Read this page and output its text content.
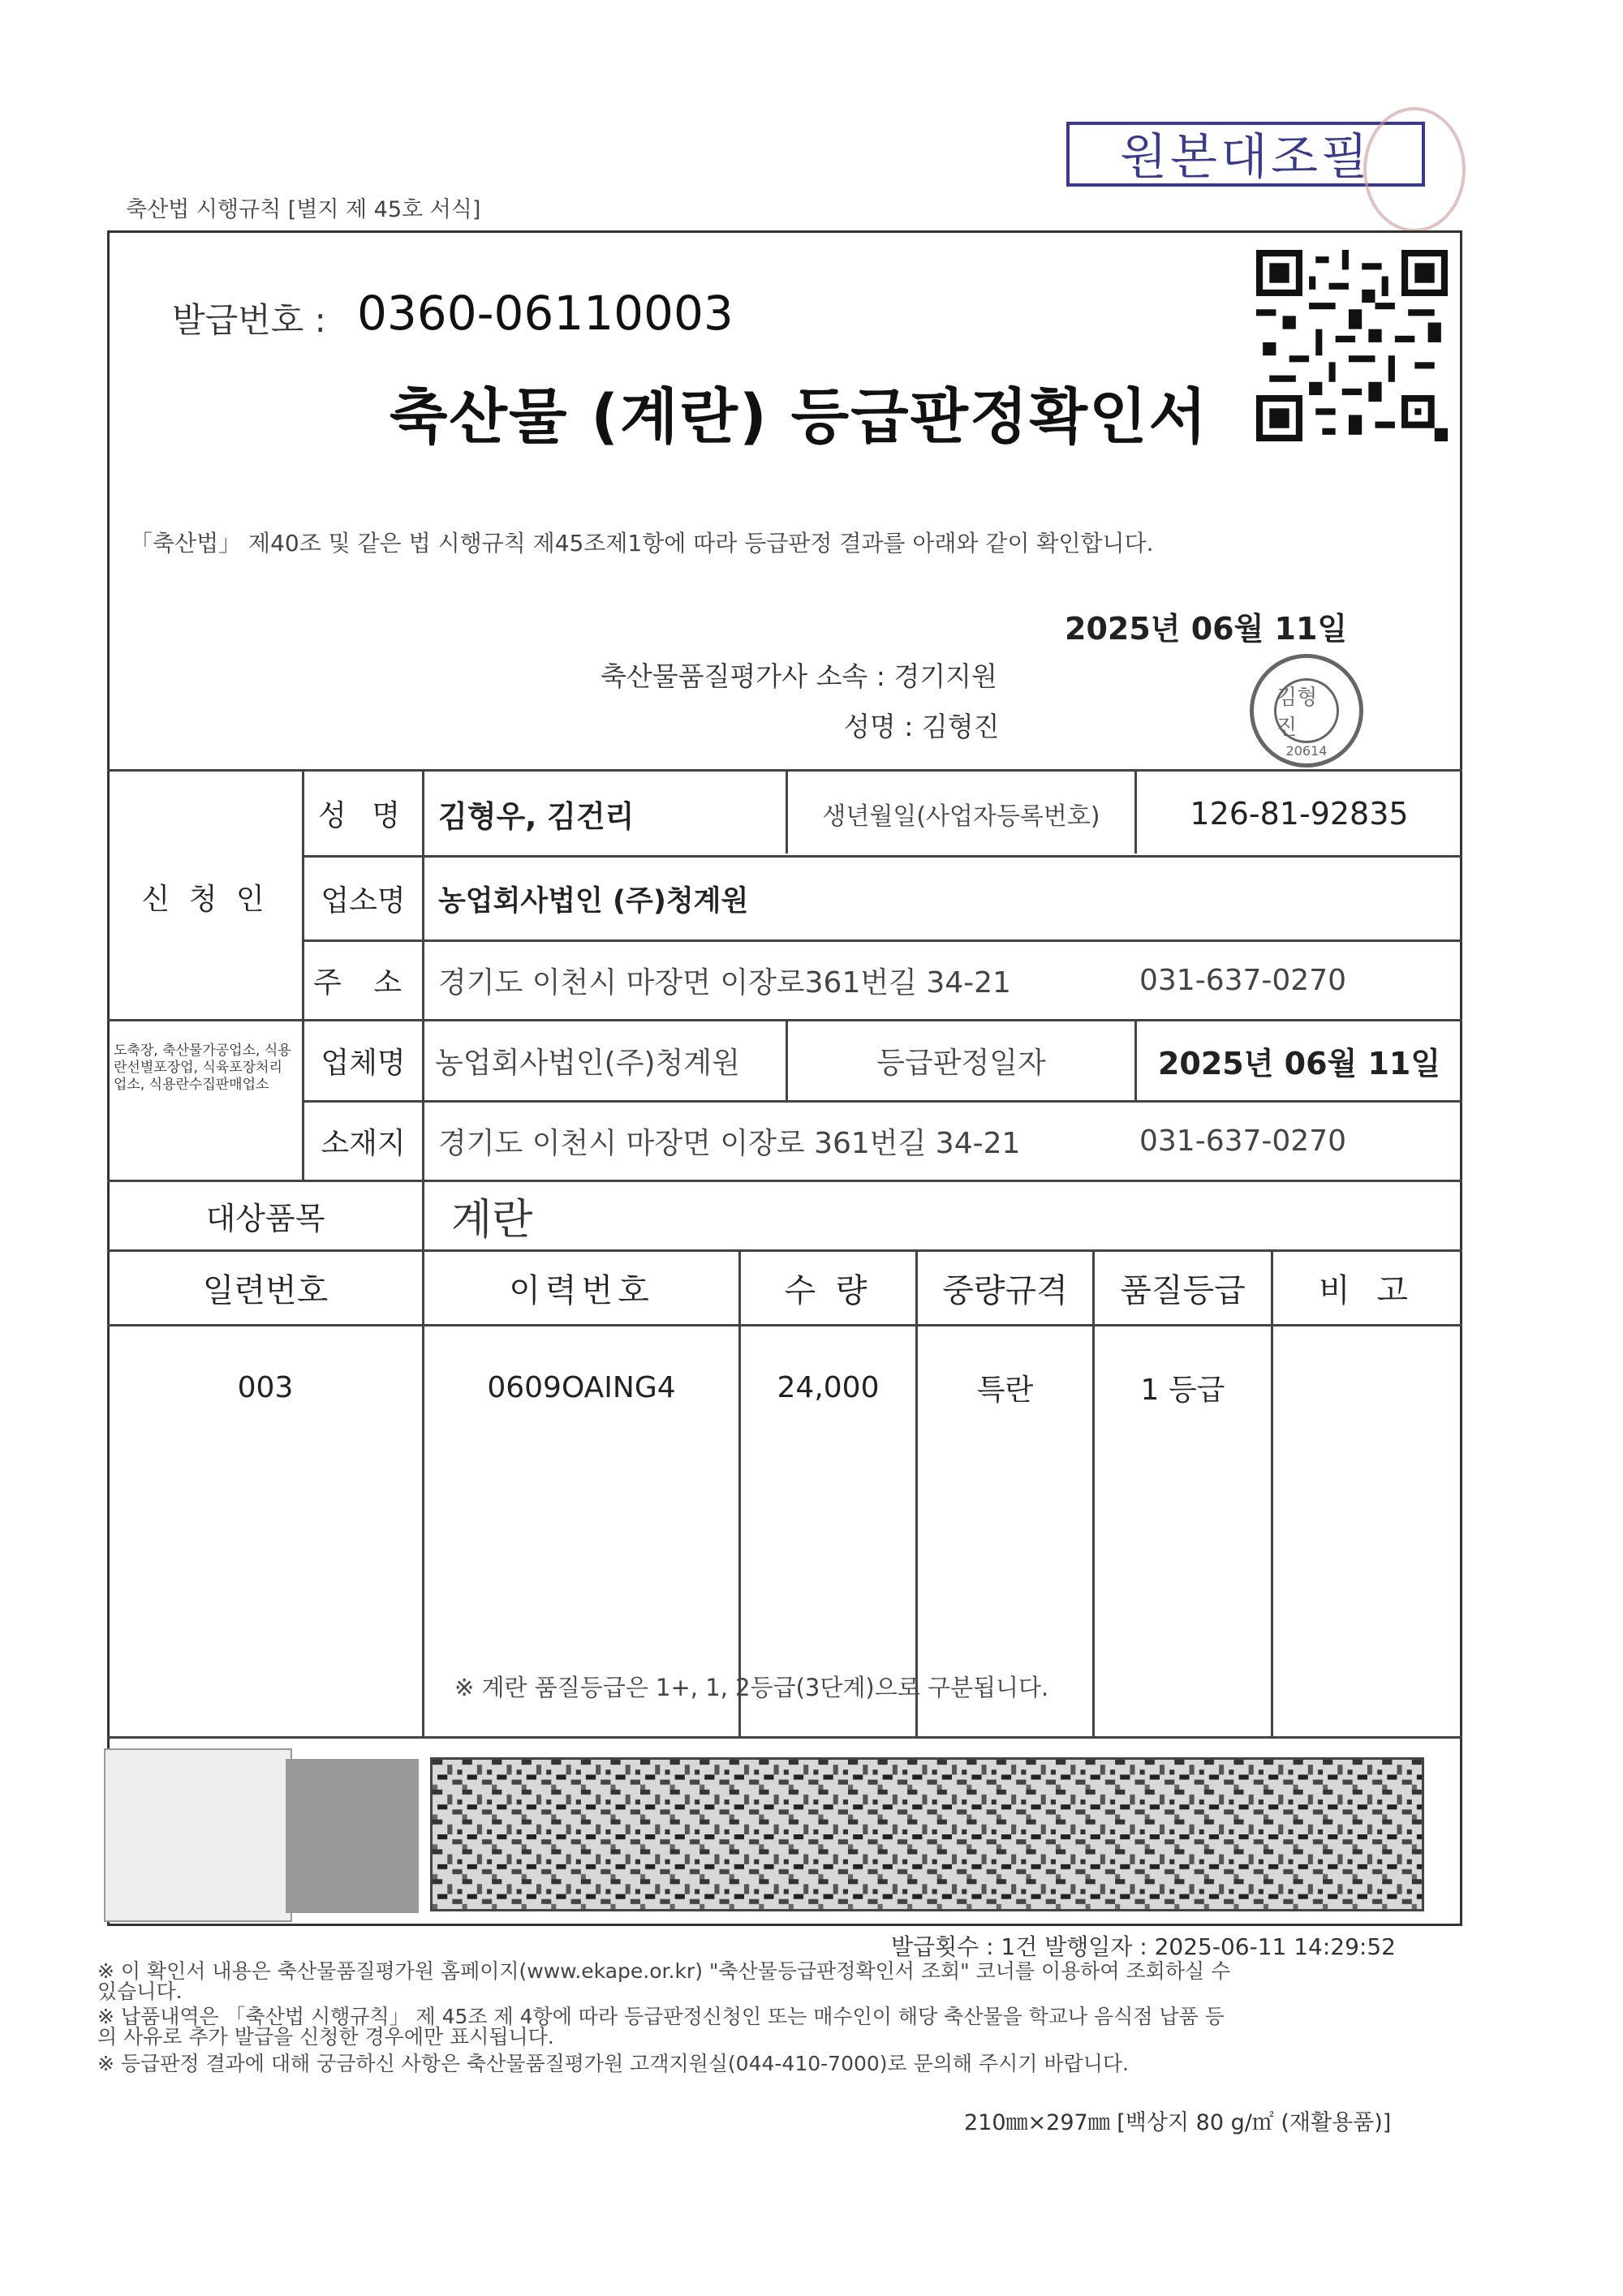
축산법 시행규칙 [별지 제 45호 서식]
원본대조필
발급번호 : 0360-06110003
축산물 (계란) 등급판정확인서
「축산법」 제40조 및 같은 법 시행규칙 제45조제1항에 따라 등급판정 결과를 아래와 같이 확인합니다.
2025년 06월 11일
축산물품질평가사 소속 : 경기지원
성명 : 김형진
김형진
20614
신 청 인
성 명	김형우, 김건리	생년월일(사업자등록번호)	126-81-92835
업소명	농업회사법인 (주)청계원
주 소 경기도 이천시 마장면 이장로361번길 34-21	031-637-0270
도축장, 축산물가공업소, 식용란선별포장업, 식육포장처리업소, 식용란수집판매업소
업체명	농업회사법인(주)청계원	등급판정일자	2025년 06월 11일
소재지	경기도 이천시 마장면 이장로 361번길 34-21	031-637-0270
대상품목	계란
일련번호	이력번호	수 량	중량규격	품질등급	비 고
003	0609OAING4	24,000	특란	1 등급
※ 계란 품질등급은 1+, 1, 2등급(3단계)으로 구분됩니다.
발급횟수 : 1건 발행일자 : 2025-06-11 14:29:52
※ 이 확인서 내용은 축산물품질평가원 홈페이지(www.ekape.or.kr) "축산물등급판정확인서 조회" 코너를 이용하여 조회하실 수
있습니다.
※ 납품내역은 「축산법 시행규칙」 제 45조 제 4항에 따라 등급판정신청인 또는 매수인이 해당 축산물을 학교나 음식점 납품 등
의 사유로 추가 발급을 신청한 경우에만 표시됩니다.
※ 등급판정 결과에 대해 궁금하신 사항은 축산물품질평가원 고객지원실(044-410-7000)로 문의해 주시기 바랍니다.
210㎜×297㎜ [백상지 80 g/㎡ (재활용품)]
